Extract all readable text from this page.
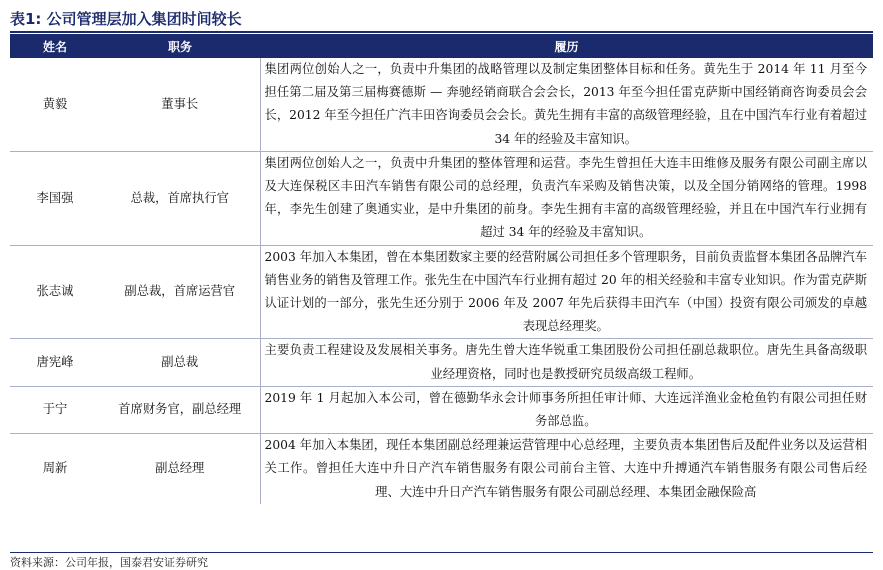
表1: 公司管理层加入集团时间较长
姓名	职务	履历
黄毅	董事长	集团两位创始人之一，负责中升集团的战略管理以及制定集团整体目标和任务。黄先生于 2014 年 11 月至今担任第二届及第三届梅赛德斯 — 奔驰经销商联合会会长，2013 年至今担任雷克萨斯中国经销商咨询委员会会长，2012 年至今担任广汽丰田咨询委员会会长。黄先生拥有丰富的高级管理经验，且在中国汽车行业有着超过 34 年的经验及丰富知识。
李国强	总裁，首席执行官	集团两位创始人之一，负责中升集团的整体管理和运营。李先生曾担任大连丰田维修及服务有限公司副主席以及大连保税区丰田汽车销售有限公司的总经理，负责汽车采购及销售决策，以及全国分销网络的管理。1998 年，李先生创建了奥通实业，是中升集团的前身。李先生拥有丰富的高级管理经验，并且在中国汽车行业拥有超过 34 年的经验及丰富知识。
张志诚	副总裁，首席运营官	2003 年加入本集团，曾在本集团数家主要的经营附属公司担任多个管理职务，目前负责监督本集团各品牌汽车销售业务的销售及管理工作。张先生在中国汽车行业拥有超过 20 年的相关经验和丰富专业知识。作为雷克萨斯认证计划的一部分，张先生还分别于 2006 年及 2007 年先后获得丰田汽车（中国）投资有限公司颁发的卓越表现总经理奖。
唐宪峰	副总裁	主要负责工程建设及发展相关事务。唐先生曾大连华锐重工集团股份公司担任副总裁职位。唐先生具备高级职业经理资格，同时也是教授研究员级高级工程师。
于宁	首席财务官，副总经理	2019 年 1 月起加入本公司，曾在德勤华永会计师事务所担任审计师、大连远洋渔业金枪鱼钓有限公司担任财务部总监。
周新	副总经理	2004 年加入本集团，现任本集团副总经理兼运营管理中心总经理，主要负责本集团售后及配件业务以及运营相关工作。曾担任大连中升日产汽车销售服务有限公司前台主管、大连中升搏通汽车销售服务有限公司售后经理、大连中升日产汽车销售服务有限公司副总经理、本集团金融保险高
资料来源：公司年报，国泰君安证券研究
